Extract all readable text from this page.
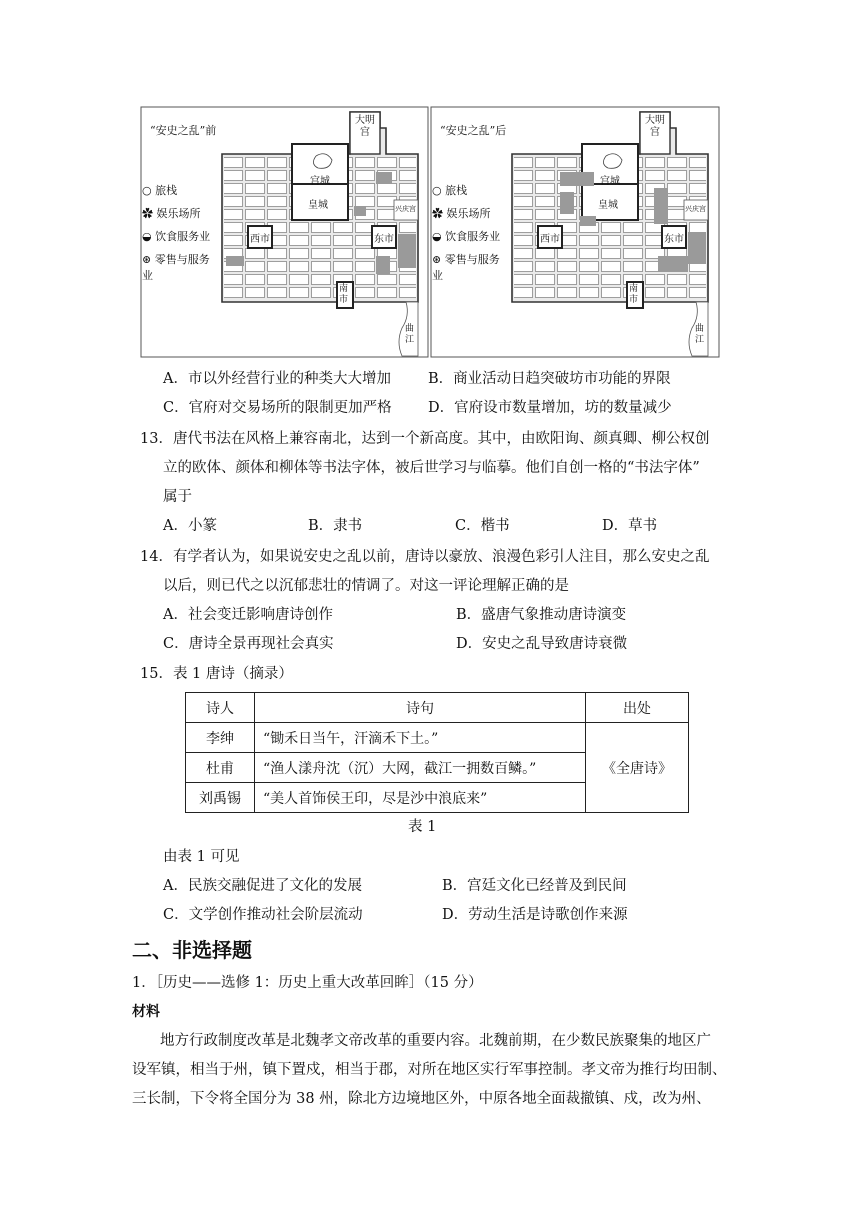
“安史之乱”前
○ 旅栈
✿ 娱乐场所
◒ 饮食服务业
⊛ 零售与服务业
大明宫
宫城
皇城
西市	东市
南市
兴庆宫
曲江
“安史之乱”后
○ 旅栈
✿ 娱乐场所
◒ 饮食服务业
⊛ 零售与服务业
大明宫
宫城
皇城
西市	东市
南市
兴庆宫
曲江
A．市以外经营行业的种类大大增加	B．商业活动日趋突破坊市功能的界限
C．官府对交易场所的限制更加严格	D．官府设市数量增加，坊的数量减少
13．唐代书法在风格上兼容南北，达到一个新高度。其中，由欧阳询、颜真卿、柳公权创
立的欧体、颜体和柳体等书法字体，被后世学习与临摹。他们自创一格的“书法字体”
属于
A．小篆	B．隶书	C．楷书	D．草书
14．有学者认为，如果说安史之乱以前，唐诗以豪放、浪漫色彩引人注目，那么安史之乱
以后，则已代之以沉郁悲壮的情调了。对这一评论理解正确的是
A．社会变迁影响唐诗创作	B．盛唐气象推动唐诗演变
C．唐诗全景再现社会真实	D．安史之乱导致唐诗衰微
15．表 1 唐诗（摘录）
诗人	诗句	出处
李绅	“锄禾日当午，汗滴禾下土。”	《全唐诗》
杜甫	“渔人漾舟沈（沉）大网，截江一拥数百鳞。”	
刘禹锡	“美人首饰侯王印，尽是沙中浪底来”	
表 1
由表 1 可见
A．民族交融促进了文化的发展	B．宫廷文化已经普及到民间
C．文学创作推动社会阶层流动	D．劳动生活是诗歌创作来源
二、非选择题
1．［历史——选修 1：历史上重大改革回眸］（15 分）
材料
地方行政制度改革是北魏孝文帝改革的重要内容。北魏前期，在少数民族聚集的地区广
设军镇，相当于州，镇下置戍，相当于郡，对所在地区实行军事控制。孝文帝为推行均田制、
三长制，下令将全国分为 38 州，除北方边境地区外，中原各地全面裁撤镇、戍，改为州、
